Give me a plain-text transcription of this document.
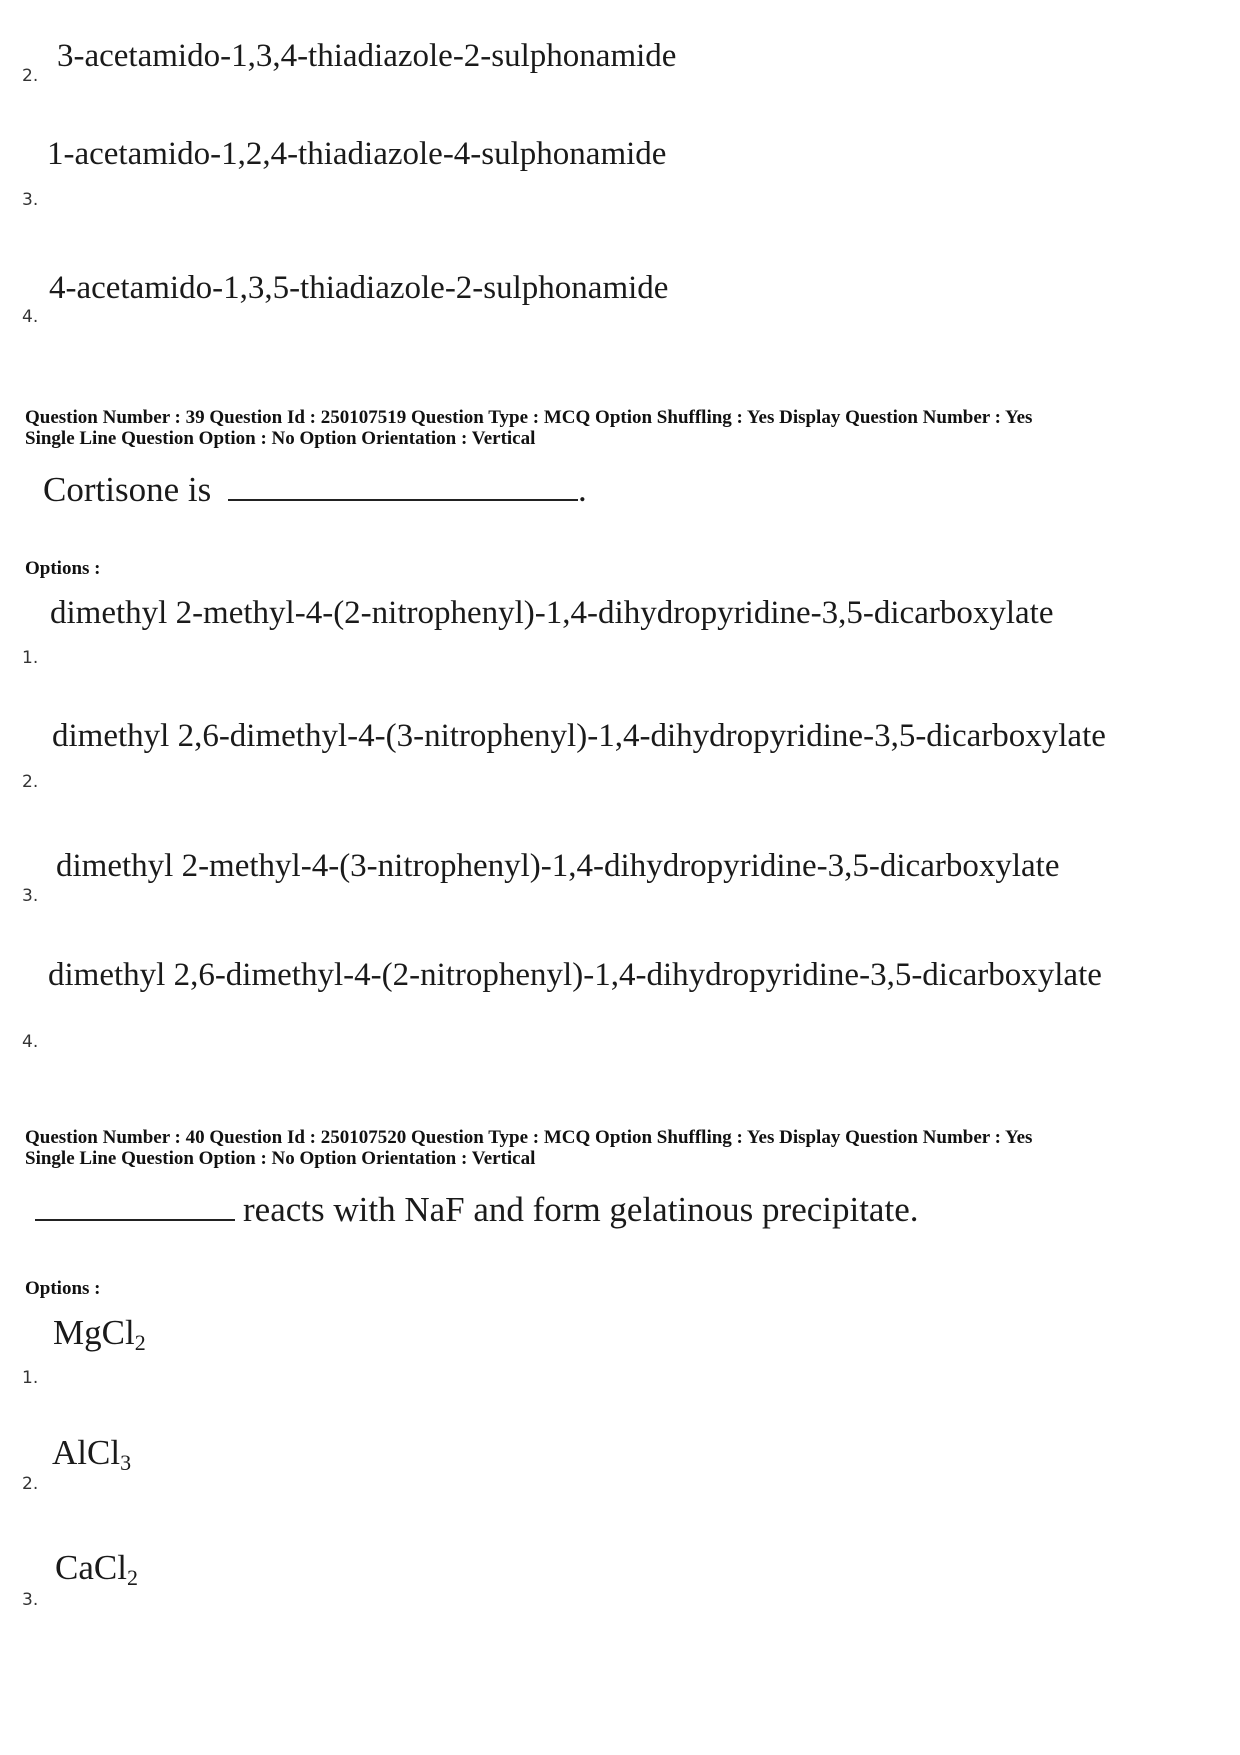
2.
3-acetamido-1,3,4-thiadiazole-2-sulphonamide
3.
1-acetamido-1,2,4-thiadiazole-4-sulphonamide
4.
4-acetamido-1,3,5-thiadiazole-2-sulphonamide
Question Number : 39 Question Id : 250107519 Question Type : MCQ Option Shuffling : Yes Display Question Number : Yes
Single Line Question Option : No Option Orientation : Vertical
Cortisone is	.
Options :
dimethyl 2-methyl-4-(2-nitrophenyl)-1,4-dihydropyridine-3,5-dicarboxylate
1.
dimethyl 2,6-dimethyl-4-(3-nitrophenyl)-1,4-dihydropyridine-3,5-dicarboxylate
2.
dimethyl 2-methyl-4-(3-nitrophenyl)-1,4-dihydropyridine-3,5-dicarboxylate
3.
dimethyl 2,6-dimethyl-4-(2-nitrophenyl)-1,4-dihydropyridine-3,5-dicarboxylate
4.
Question Number : 40 Question Id : 250107520 Question Type : MCQ Option Shuffling : Yes Display Question Number : Yes
Single Line Question Option : No Option Orientation : Vertical
reacts with NaF and form gelatinous precipitate.
Options :
MgCl$_2$
1.
AlCl$_3$
2.
CaCl$_2$
3.
